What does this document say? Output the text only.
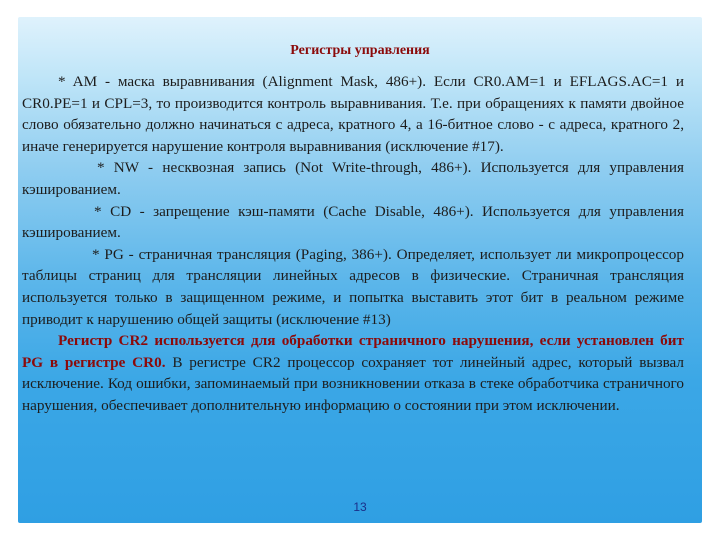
Регистры управления

* AM - маска выравнивания (Alignment Mask, 486+). Если CR0.AM=1 и EFLAGS.AC=1 и CR0.PE=1 и CPL=3, то производится контроль выравнивания. Т.е. при обращениях к памяти двойное слово обязательно должно начинаться с адреса, кратного 4, а 16-битное слово - с адреса, кратного 2, иначе генерируется нарушение контроля выравнивания (исключение #17).

* NW - несквозная запись (Not Write-through, 486+). Используется для управления кэшированием.

* CD - запрещение кэш-памяти (Cache Disable, 486+). Используется для управления кэшированием.

* PG - страничная трансляция (Paging, 386+). Определяет, использует ли микропроцессор таблицы страниц для трансляции линейных адресов в физические. Страничная трансляция используется только в защищенном режиме, и попытка выставить этот бит в реальном режиме приводит к нарушению общей защиты (исключение #13)

Регистр CR2 используется для обработки страничного нарушения, если установлен бит PG в регистре CR0. В регистре CR2 процессор сохраняет тот линейный адрес, который вызвал исключение. Код ошибки, запоминаемый при возникновении отказа в стеке обработчика страничного нарушения, обеспечивает дополнительную информацию о состоянии при этом исключении.

13
